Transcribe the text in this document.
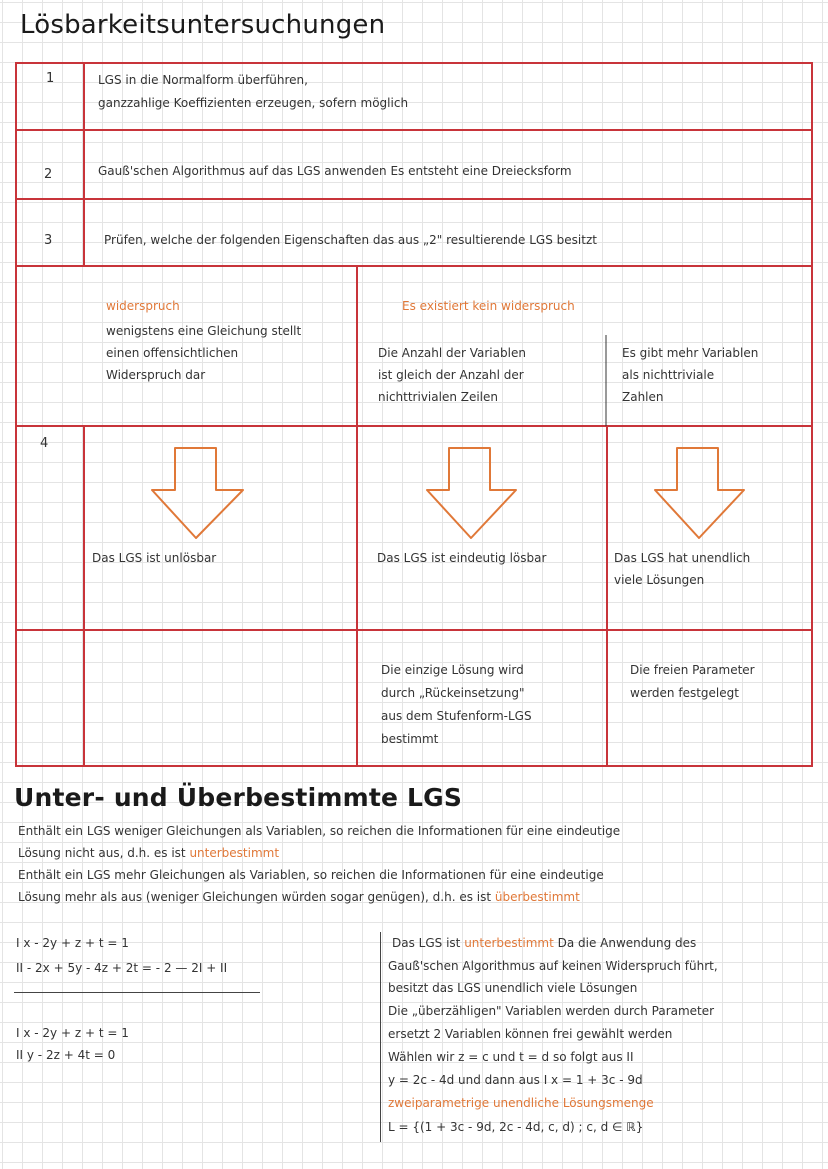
Lösbarkeitsuntersuchungen
1
2
3
4
LGS in die Normalform überführen,
ganzzahlige Koeffizienten erzeugen, sofern möglich
Gauß'schen Algorithmus auf das LGS anwenden Es entsteht eine Dreiecksform
Prüfen, welche der folgenden Eigenschaften das aus „2" resultierende LGS besitzt
widerspruch
wenigstens eine Gleichung stellt
einen offensichtlichen
Widerspruch dar
Es existiert kein widerspruch
Die Anzahl der Variablen
ist gleich der Anzahl der
nichttrivialen Zeilen
Es gibt mehr Variablen
als nichttriviale
Zahlen
Das LGS ist unlösbar	Das LGS ist eindeutig lösbar	Das LGS hat unendlich
viele Lösungen
Die einzige Lösung wird
durch „Rückeinsetzung"
aus dem Stufenform-LGS
bestimmt
Die freien Parameter
werden festgelegt
Unter- und Überbestimmte LGS
Enthält ein LGS weniger Gleichungen als Variablen, so reichen die Informationen für eine eindeutige
Lösung nicht aus, d.h. es ist unterbestimmt
Enthält ein LGS mehr Gleichungen als Variablen, so reichen die Informationen für eine eindeutige
Lösung mehr als aus (weniger Gleichungen würden sogar genügen), d.h. es ist überbestimmt
I x - 2y + z + t = 1
II - 2x + 5y - 4z + 2t = - 2 — 2I + II
I x - 2y + z + t = 1
II y - 2z + 4t = 0
Das LGS ist unterbestimmt Da die Anwendung des
Gauß'schen Algorithmus auf keinen Widerspruch führt,
besitzt das LGS unendlich viele Lösungen
Die „überzähligen" Variablen werden durch Parameter
ersetzt 2 Variablen können frei gewählt werden
Wählen wir z = c und t = d so folgt aus II
y = 2c - 4d und dann aus I x = 1 + 3c - 9d
zweiparametrige unendliche Lösungsmenge
L = {(1 + 3c - 9d, 2c - 4d, c, d) ; c, d ∈ ℝ}
